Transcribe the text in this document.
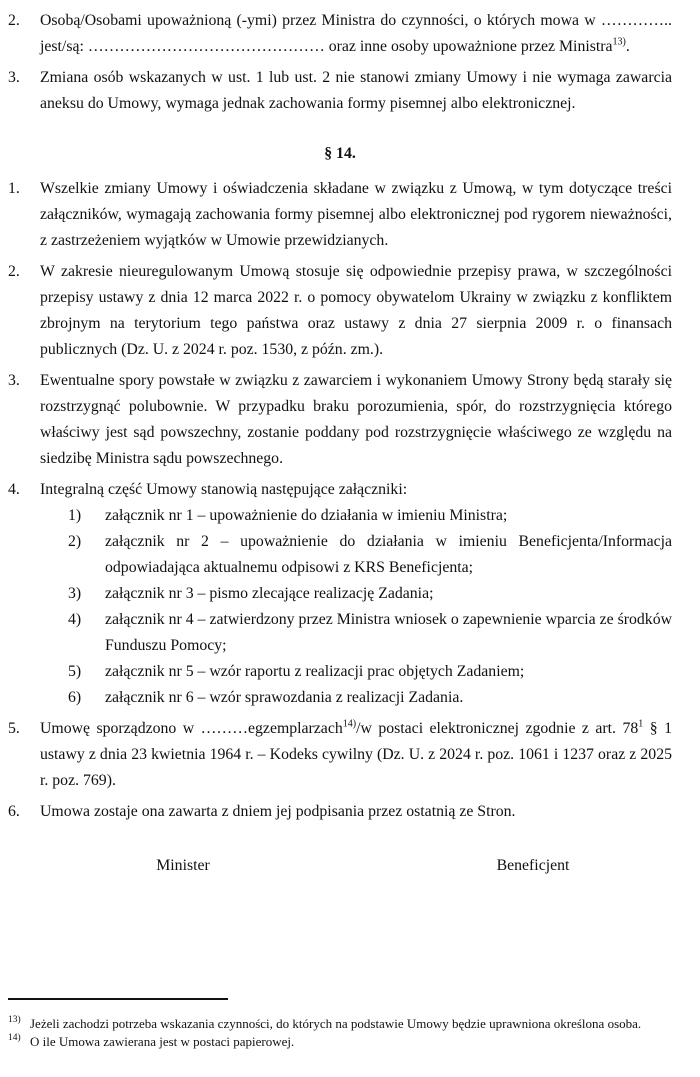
2.	Osobą/Osobami upoważnioną (-ymi) przez Ministra do czynności, o których mowa w ………….. jest/są: ……………………………………… oraz inne osoby upoważnione przez Ministra$^{13)}$.
3.	Zmiana osób wskazanych w ust. 1 lub ust. 2 nie stanowi zmiany Umowy i nie wymaga zawarcia aneksu do Umowy, wymaga jednak zachowania formy pisemnej albo elektronicznej.
§ 14.
1.	Wszelkie zmiany Umowy i oświadczenia składane w związku z Umową, w tym dotyczące treści załączników, wymagają zachowania formy pisemnej albo elektronicznej pod rygorem nieważności, z zastrzeżeniem wyjątków w Umowie przewidzianych.
2.	W zakresie nieuregulowanym Umową stosuje się odpowiednie przepisy prawa, w szczególności przepisy ustawy z dnia 12 marca 2022 r. o pomocy obywatelom Ukrainy w związku z konfliktem zbrojnym na terytorium tego państwa oraz ustawy z dnia 27 sierpnia 2009 r. o finansach publicznych (Dz. U. z 2024 r. poz. 1530, z późn. zm.).
3.	Ewentualne spory powstałe w związku z zawarciem i wykonaniem Umowy Strony będą starały się rozstrzygnąć polubownie. W przypadku braku porozumienia, spór, do rozstrzygnięcia którego właściwy jest sąd powszechny, zostanie poddany pod rozstrzygnięcie właściwego ze względu na siedzibę Ministra sądu powszechnego.
4.	Integralną część Umowy stanowią następujące załączniki:
1)	załącznik nr 1 – upoważnienie do działania w imieniu Ministra;
2)	załącznik nr 2 – upoważnienie do działania w imieniu Beneficjenta/Informacja odpowiadająca aktualnemu odpisowi z KRS Beneficjenta;
3)	załącznik nr 3 – pismo zlecające realizację Zadania;
4)	załącznik nr 4 – zatwierdzony przez Ministra wniosek o zapewnienie wparcia ze środków Funduszu Pomocy;
5)	załącznik nr 5 – wzór raportu z realizacji prac objętych Zadaniem;
6)	załącznik nr 6 – wzór sprawozdania z realizacji Zadania.
5.	Umowę sporządzono w ………egzemplarzach$^{14)}$/w postaci elektronicznej zgodnie z art. 78$^1$ § 1 ustawy z dnia 23 kwietnia 1964 r. – Kodeks cywilny (Dz. U. z 2024 r. poz. 1061 i 1237 oraz z 2025 r. poz. 769).
6.	Umowa zostaje ona zawarta z dniem jej podpisania przez ostatnią ze Stron.
Minister	Beneficjent
13) Jeżeli zachodzi potrzeba wskazania czynności, do których na podstawie Umowy będzie uprawniona określona osoba.
14) O ile Umowa zawierana jest w postaci papierowej.
